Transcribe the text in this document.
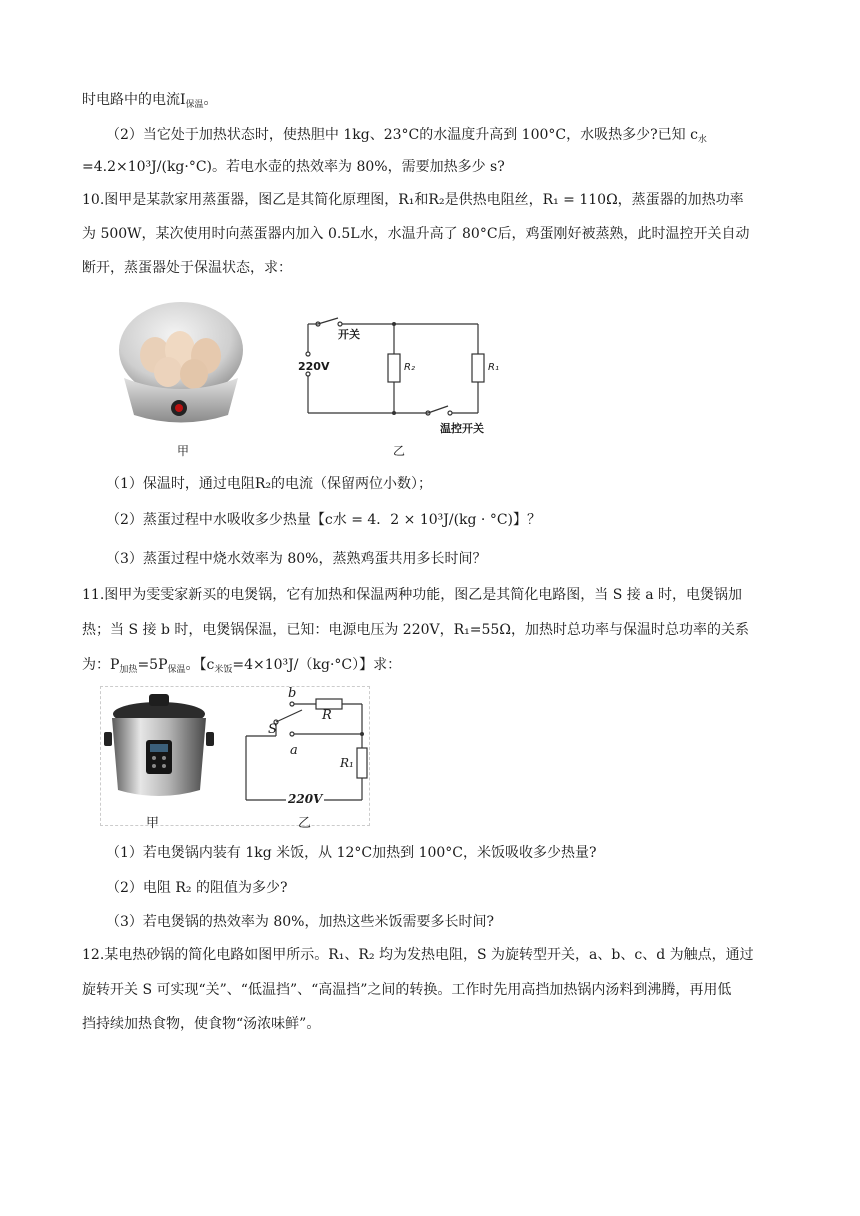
时电路中的电流$I_{保温}$。
（2）当它处于加热状态时，使热胆中 1kg、23°C的水温度升高到 100°C，水吸热多少?已知 $c_水$
=4.2×10³J/(kg·°C)。若电水壶的热效率为 80%，需要加热多少 s?
10.图甲是某款家用蒸蛋器，图乙是其简化原理图，R₁和R₂是供热电阻丝，R₁ = 110Ω，蒸蛋器的加热功率
为 500W，某次使用时向蒸蛋器内加入 0.5L水，水温升高了 80°C后，鸡蛋刚好被蒸熟，此时温控开关自动
断开，蒸蛋器处于保温状态，求：
甲
开关
220V	R₂	R₁
温控开关
乙
（1）保温时，通过电阻R₂的电流（保留两位小数）；
（2）蒸蛋过程中水吸收多少热量【c水 = 4．2 × 10³J/(kg · °C)】？
（3）蒸蛋过程中烧水效率为 80%，蒸熟鸡蛋共用多长时间？
11.图甲为雯雯家新买的电煲锅，它有加热和保温两种功能，图乙是其简化电路图，当 S 接 a 时，电煲锅加
热；当 S 接 b 时，电煲锅保温，已知：电源电压为 220V，R₁=55Ω，加热时总功率与保温时总功率的关系
为：$P_{加热}=5P_{保温}$。【$c_{米饭}=4\times 10^3J/(kg\cdot^\circ C)$】求：
甲
b
R
S
a
R₁
220V
乙
（1）若电煲锅内装有 1kg 米饭，从 12°C加热到 100°C，米饭吸收多少热量?
（2）电阻 R₂ 的阻值为多少?
（3）若电煲锅的热效率为 80%，加热这些米饭需要多长时间?
12.某电热砂锅的简化电路如图甲所示。R₁、R₂ 均为发热电阻，S 为旋转型开关，a、b、c、d 为触点，通过
旋转开关 S 可实现“关”、“低温挡”、“高温挡”之间的转换。工作时先用高挡加热锅内汤料到沸腾，再用低
挡持续加热食物，使食物“汤浓味鲜”。
